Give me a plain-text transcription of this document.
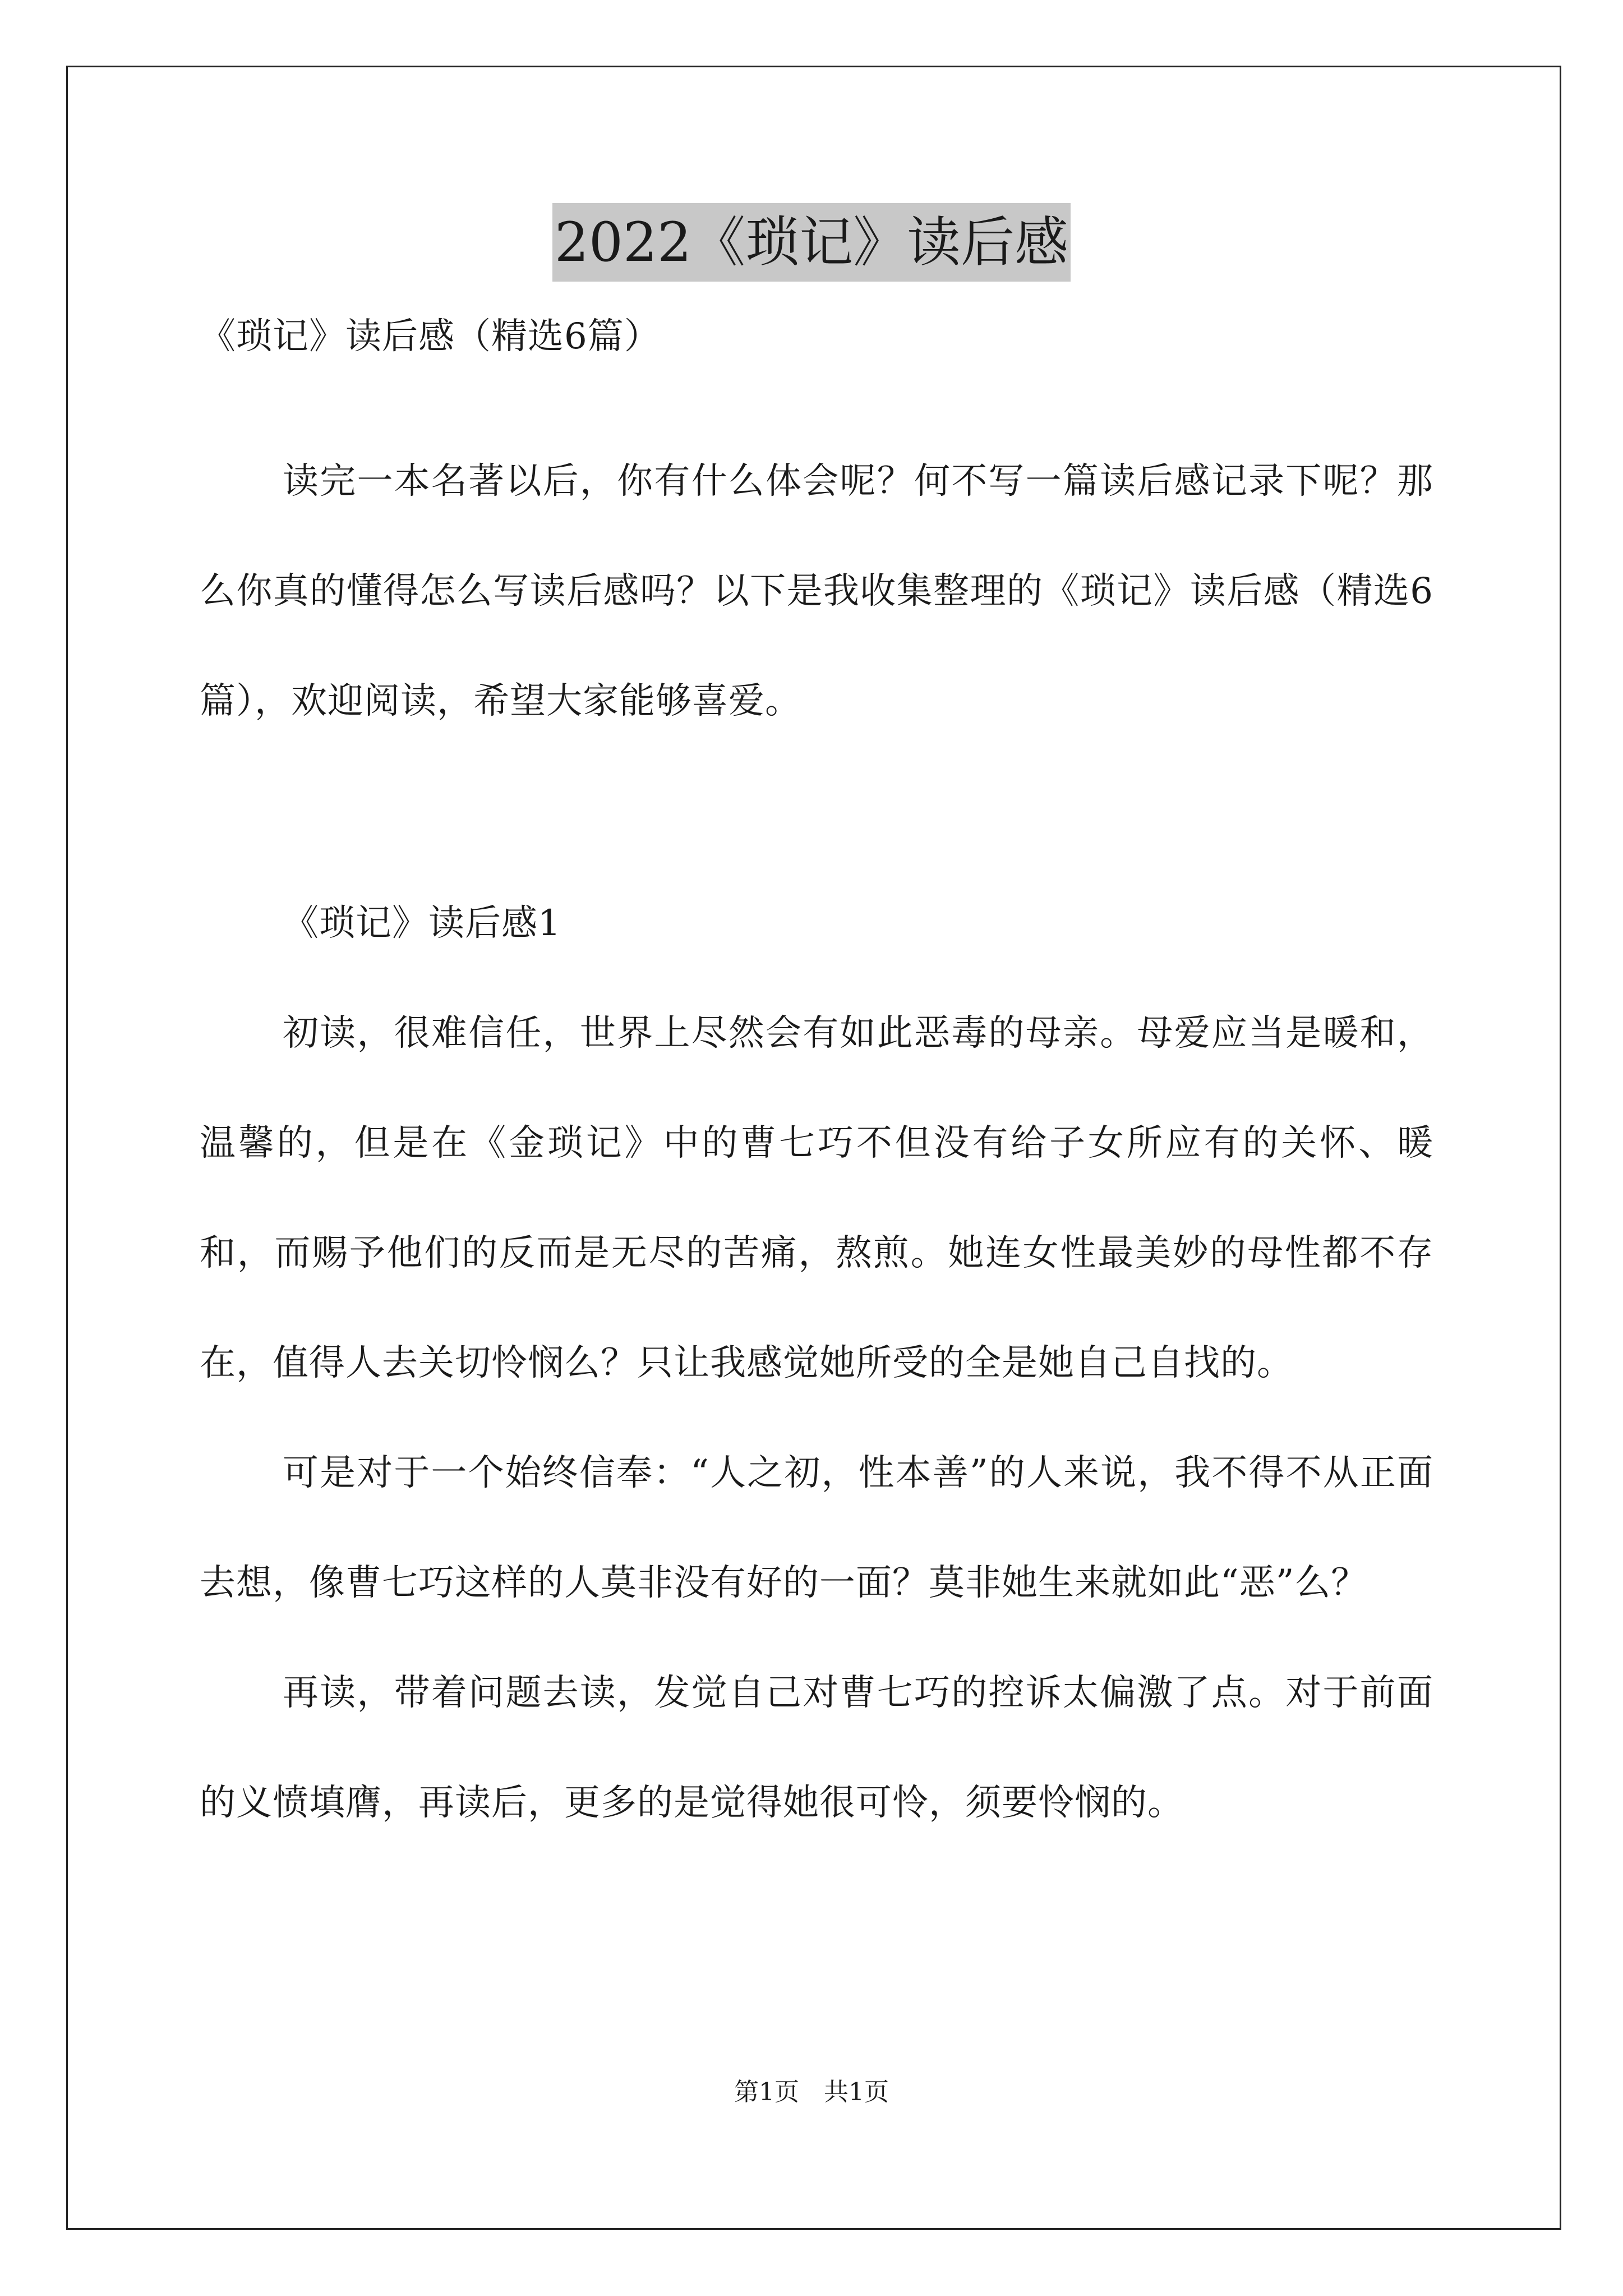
2022《琐记》读后感

《琐记》读后感（精选6篇）

读完一本名著以后，你有什么体会呢？何不写一篇读后感记录下呢？那么你真的懂得怎么写读后感吗？以下是我收集整理的《琐记》读后感（精选6篇），欢迎阅读，希望大家能够喜爱。

《琐记》读后感1

初读，很难信任，世界上尽然会有如此恶毒的母亲。母爱应当是暖和，温馨的，但是在《金琐记》中的曹七巧不但没有给子女所应有的关怀、暖和，而赐予他们的反而是无尽的苦痛，熬煎。她连女性最美妙的母性都不存在，值得人去关切怜悯么？只让我感觉她所受的全是她自己自找的。

可是对于一个始终信奉：“人之初，性本善”的人来说，我不得不从正面去想，像曹七巧这样的人莫非没有好的一面？莫非她生来就如此“恶”么？

再读，带着问题去读，发觉自己对曹七巧的控诉太偏激了点。对于前面的义愤填膺，再读后，更多的是觉得她很可怜，须要怜悯的。

第1页　共1页
